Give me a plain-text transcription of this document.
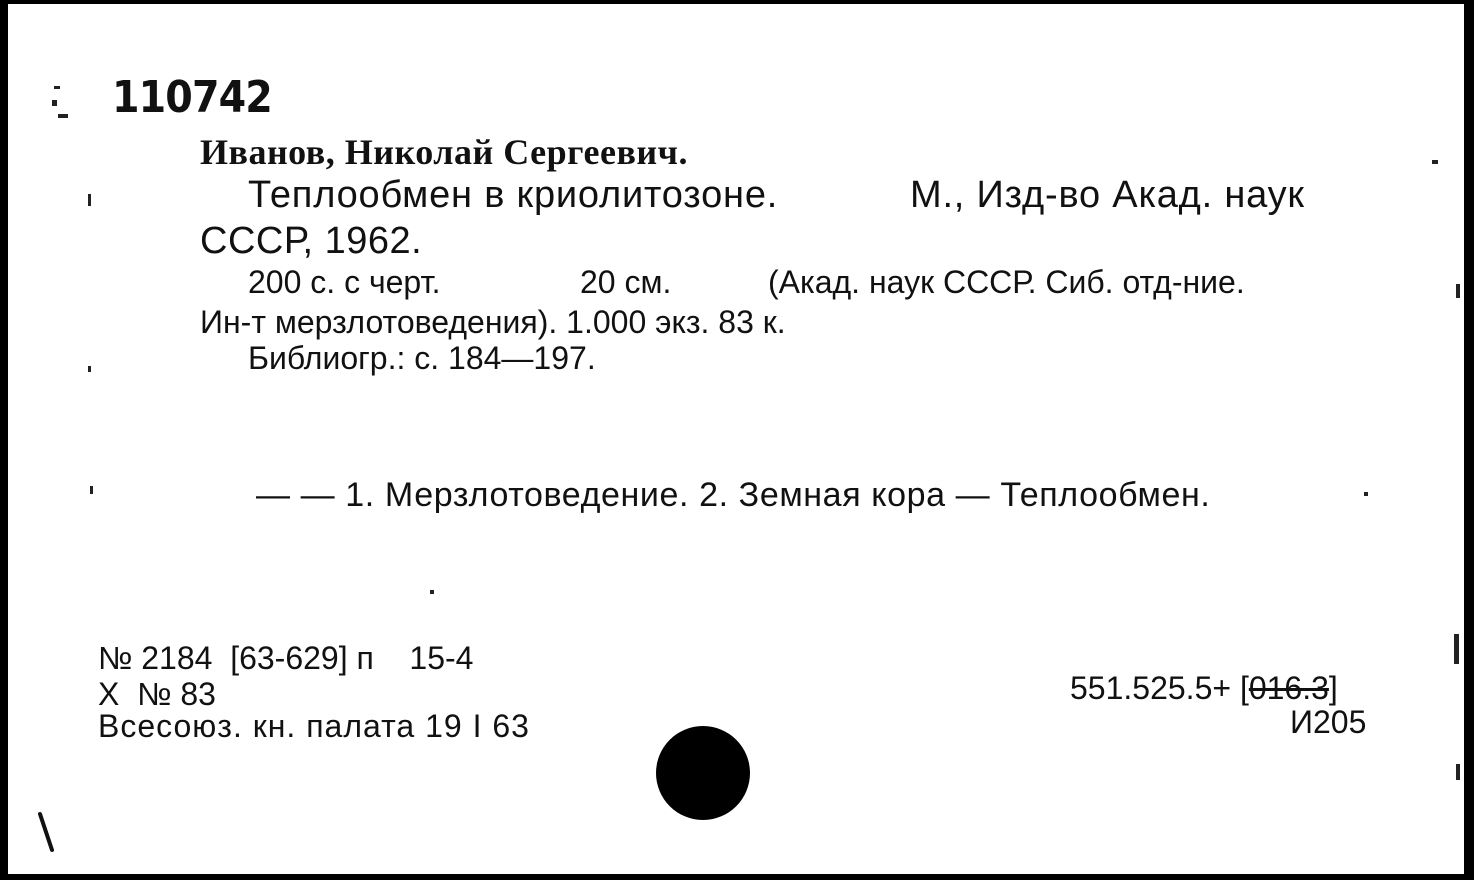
110742
Иванов, Николай Сергеевич.
Теплообмен в криолитозоне.	М., Изд-во Акад. наук
СССР, 1962.
200 с. с черт.	20 см.	(Акад. наук СССР. Сиб. отд-ние.
Ин-т мерзлотоведения). 1.000 экз. 83 к.
Библиогр.: с. 184—197.
— — 1. Мерзлотоведение. 2. Земная кора — Теплообмен.
№ 2184  [63-629] п    15-4
Х  № 83
Всесоюз. кн. палата 19 I 63
551.525.5+ [016.3]
И205
